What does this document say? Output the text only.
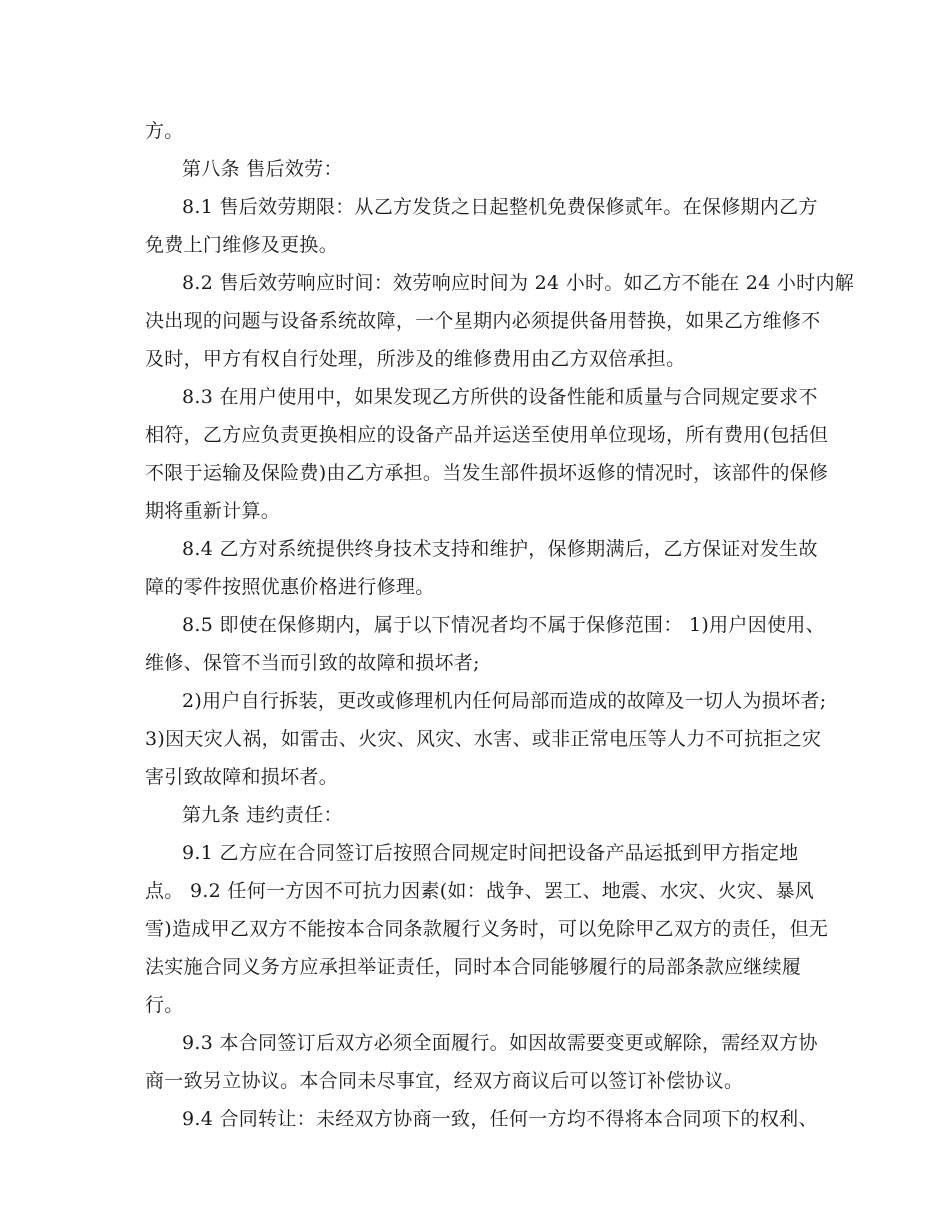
方。
第八条 售后效劳：
8.1 售后效劳期限：从乙方发货之日起整机免费保修贰年。在保修期内乙方
免费上门维修及更换。
8.2 售后效劳响应时间：效劳响应时间为 24 小时。如乙方不能在 24 小时内解
决出现的问题与设备系统故障，一个星期内必须提供备用替换，如果乙方维修不
及时，甲方有权自行处理，所涉及的维修费用由乙方双倍承担。
8.3 在用户使用中，如果发现乙方所供的设备性能和质量与合同规定要求不
相符，乙方应负责更换相应的设备产品并运送至使用单位现场，所有费用(包括但
不限于运输及保险费)由乙方承担。当发生部件损坏返修的情况时，该部件的保修
期将重新计算。
8.4 乙方对系统提供终身技术支持和维护，保修期满后，乙方保证对发生故
障的零件按照优惠价格进行修理。
8.5 即使在保修期内，属于以下情况者均不属于保修范围： 1)用户因使用、
维修、保管不当而引致的故障和损坏者;
2)用户自行拆装，更改或修理机内任何局部而造成的故障及一切人为损坏者;
3)因天灾人祸，如雷击、火灾、风灾、水害、或非正常电压等人力不可抗拒之灾
害引致故障和损坏者。
第九条 违约责任：
9.1 乙方应在合同签订后按照合同规定时间把设备产品运抵到甲方指定地
点。 9.2 任何一方因不可抗力因素(如：战争、罢工、地震、水灾、火灾、暴风
雪)造成甲乙双方不能按本合同条款履行义务时，可以免除甲乙双方的责任，但无
法实施合同义务方应承担举证责任，同时本合同能够履行的局部条款应继续履
行。
9.3 本合同签订后双方必须全面履行。如因故需要变更或解除，需经双方协
商一致另立协议。本合同未尽事宜，经双方商议后可以签订补偿协议。
9.4 合同转让：未经双方协商一致，任何一方均不得将本合同项下的权利、
